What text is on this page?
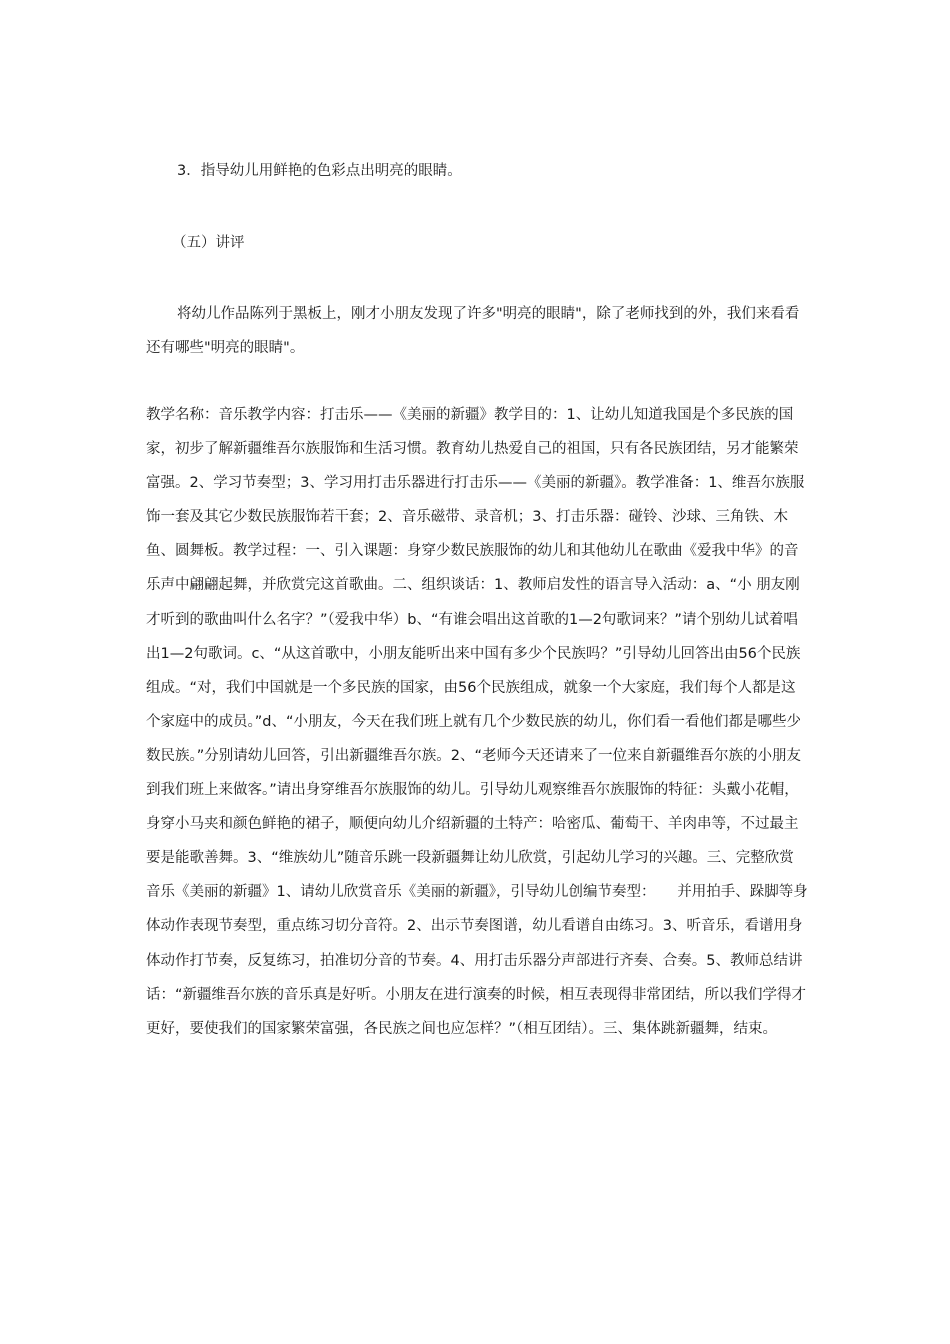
3．指导幼儿用鲜艳的色彩点出明亮的眼睛。

（五）讲评

将幼儿作品陈列于黑板上，刚才小朋友发现了许多"明亮的眼睛"，除了老师找到的外，我们来看看还有哪些"明亮的眼睛"。

教学名称：音乐教学内容：打击乐——《美丽的新疆》教学目的：1、让幼儿知道我国是个多民族的国家，初步了解新疆维吾尔族服饰和生活习惯。教育幼儿热爱自己的祖国，只有各民族团结，另才能繁荣富强。2、学习节奏型；3、学习用打击乐器进行打击乐——《美丽的新疆》。教学准备：1、维吾尔族服饰一套及其它少数民族服饰若干套；2、音乐磁带、录音机；3、打击乐器：碰铃、沙球、三角铁、木鱼、圆舞板。教学过程：一、引入课题：身穿少数民族服饰的幼儿和其他幼儿在歌曲《爱我中华》的音乐声中翩翩起舞，并欣赏完这首歌曲。二、组织谈话：1、教师启发性的语言导入活动：a、“小 朋友刚才听到的歌曲叫什么名字？”（爱我中华）b、“有谁会唱出这首歌的1—2句歌词来？”请个别幼儿试着唱出1—2句歌词。c、“从这首歌中，小朋友能听出来中国有多少个民族吗？”引导幼儿回答出由56个民族组成。“对，我们中国就是一个多民族的国家，由56个民族组成，就象一个大家庭，我们每个人都是这个家庭中的成员。”d、“小朋友，今天在我们班上就有几个少数民族的幼儿，你们看一看他们都是哪些少数民族。”分别请幼儿回答，引出新疆维吾尔族。2、“老师今天还请来了一位来自新疆维吾尔族的小朋友到我们班上来做客。”请出身穿维吾尔族服饰的幼儿。引导幼儿观察维吾尔族服饰的特征：头戴小花帽，身穿小马夹和颜色鲜艳的裙子，顺便向幼儿介绍新疆的土特产：哈密瓜、葡萄干、羊肉串等，不过最主要是能歌善舞。3、“维族幼儿”随音乐跳一段新疆舞让幼儿欣赏，引起幼儿学习的兴趣。三、完整欣赏音乐《美丽的新疆》1、请幼儿欣赏音乐《美丽的新疆》，引导幼儿创编节奏型：　　并用拍手、跺脚等身体动作表现节奏型，重点练习切分音符。2、出示节奏图谱，幼儿看谱自由练习。3、听音乐，看谱用身体动作打节奏，反复练习，拍准切分音的节奏。4、用打击乐器分声部进行齐奏、合奏。5、教师总结讲话：“新疆维吾尔族的音乐真是好听。小朋友在进行演奏的时候，相互表现得非常团结，所以我们学得才更好，要使我们的国家繁荣富强，各民族之间也应怎样？”（相互团结）。三、集体跳新疆舞，结束。
